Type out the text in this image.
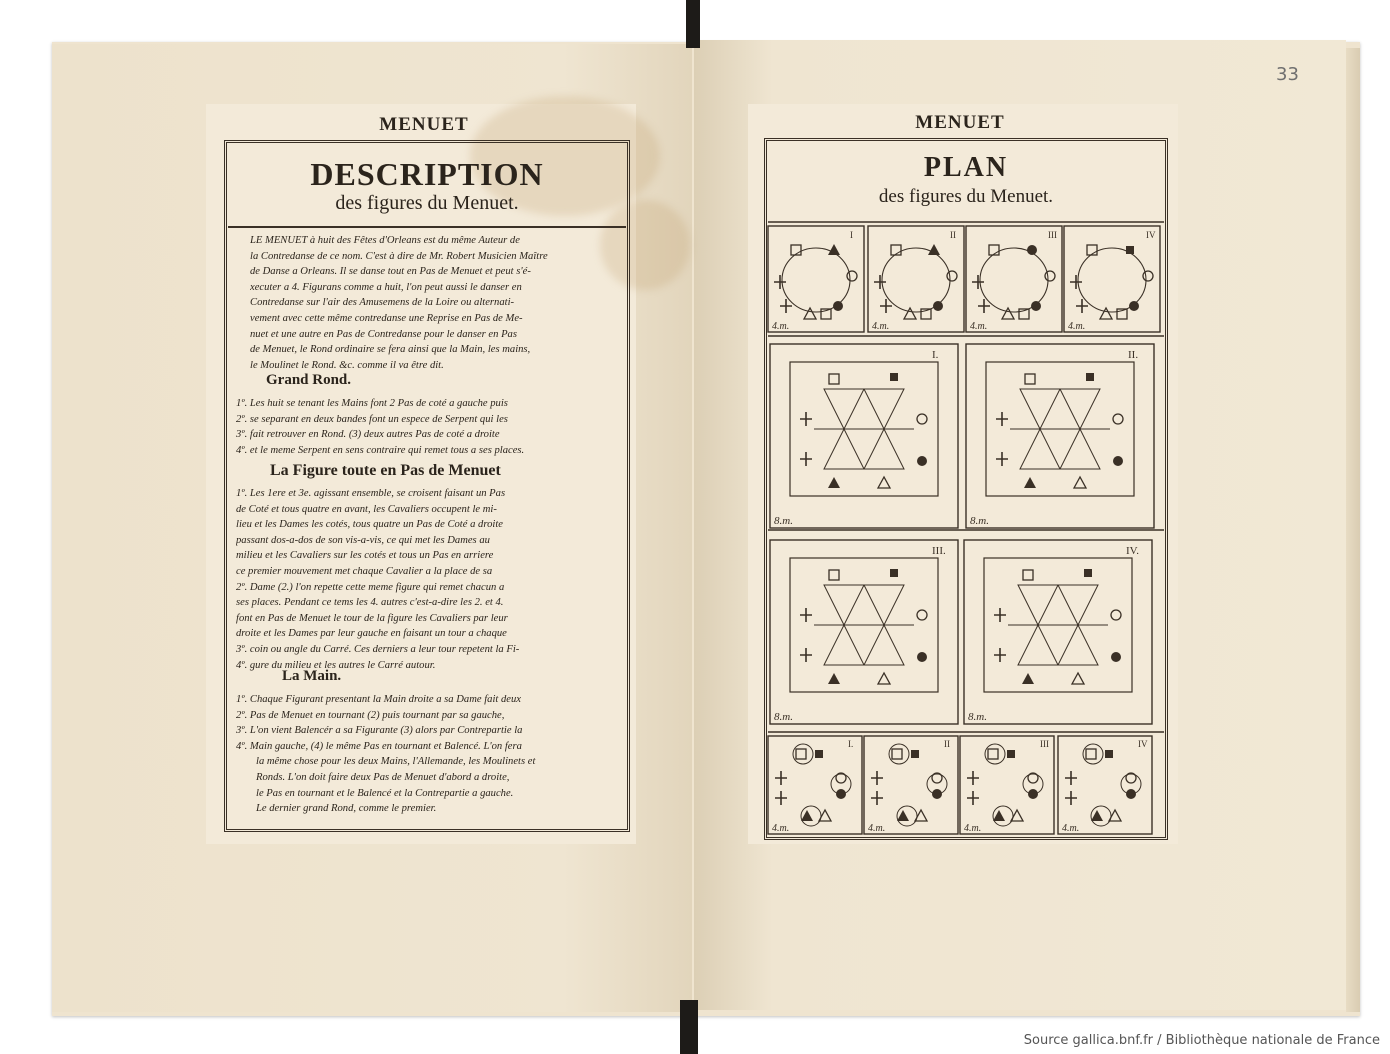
MENUET
DESCRIPTION
des figures du Menuet.
LE MENUET à huit des Fêtes d'Orleans est du même Auteur de
la Contredanse de ce nom. C'est à dire de Mr. Robert Musicien Maître
de Danse a Orleans. Il se danse tout en Pas de Menuet et peut s'é-
xecuter a 4. Figurans comme a huit, l'on peut aussi le danser en
Contredanse sur l'air des Amusemens de la Loire ou alternati-
vement avec cette même contredanse une Reprise en Pas de Me-
nuet et une autre en Pas de Contredanse pour le danser en Pas
de Menuet, le Rond ordinaire se fera ainsi que la Main, les mains,
le Moulinet le Rond. &c. comme il va être dit.
Grand Rond.
1º. Les huit se tenant les Mains font 2 Pas de coté a gauche puis
2º. se separant en deux bandes font un espece de Serpent qui les
3º. fait retrouver en Rond. (3) deux autres Pas de coté a droite
4º. et le meme Serpent en sens contraire qui remet tous a ses places.
La Figure toute en Pas de Menuet
1º. Les 1ere et 3e. agissant ensemble, se croisent faisant un Pas
de Coté et tous quatre en avant, les Cavaliers occupent le mi-
lieu et les Dames les cotés, tous quatre un Pas de Coté a droite
passant dos-a-dos de son vis-a-vis, ce qui met les Dames au
milieu et les Cavaliers sur les cotés et tous un Pas en arriere
ce premier mouvement met chaque Cavalier a la place de sa
2º. Dame (2.) l'on repette cette meme figure qui remet chacun a
ses places. Pendant ce tems les 4. autres c'est-a-dire les 2. et 4.
font en Pas de Menuet le tour de la figure les Cavaliers par leur
droite et les Dames par leur gauche en faisant un tour a chaque
3º. coin ou angle du Carré. Ces derniers a leur tour repetent la Fi-
4º. gure du milieu et les autres le Carré autour.
La Main.
1º. Chaque Figurant presentant la Main droite a sa Dame fait deux
2º. Pas de Menuet en tournant (2) puis tournant par sa gauche,
3º. L'on vient Balencér a sa Figurante (3) alors par Contrepartie la
4º. Main gauche, (4) le même Pas en tournant et Balencé. L'on fera
la même chose pour les deux Mains, l'Allemande, les Moulinets et
Ronds. L'on doit faire deux Pas de Menuet d'abord a droite,
le Pas en tournant et le Balencé et la Contrepartie a gauche.
Le dernier grand Rond, comme le premier.
33
MENUET
PLAN
des figures du Menuet.
I
4.m.
II
4.m.
III
4.m.
IV
4.m.
I.
8.m.
II.
8.m.
III.
8.m.
IV.
8.m.
I.
4.m.
II
4.m.
III
4.m.
IV
4.m.
Source gallica.bnf.fr / Bibliothèque nationale de France
